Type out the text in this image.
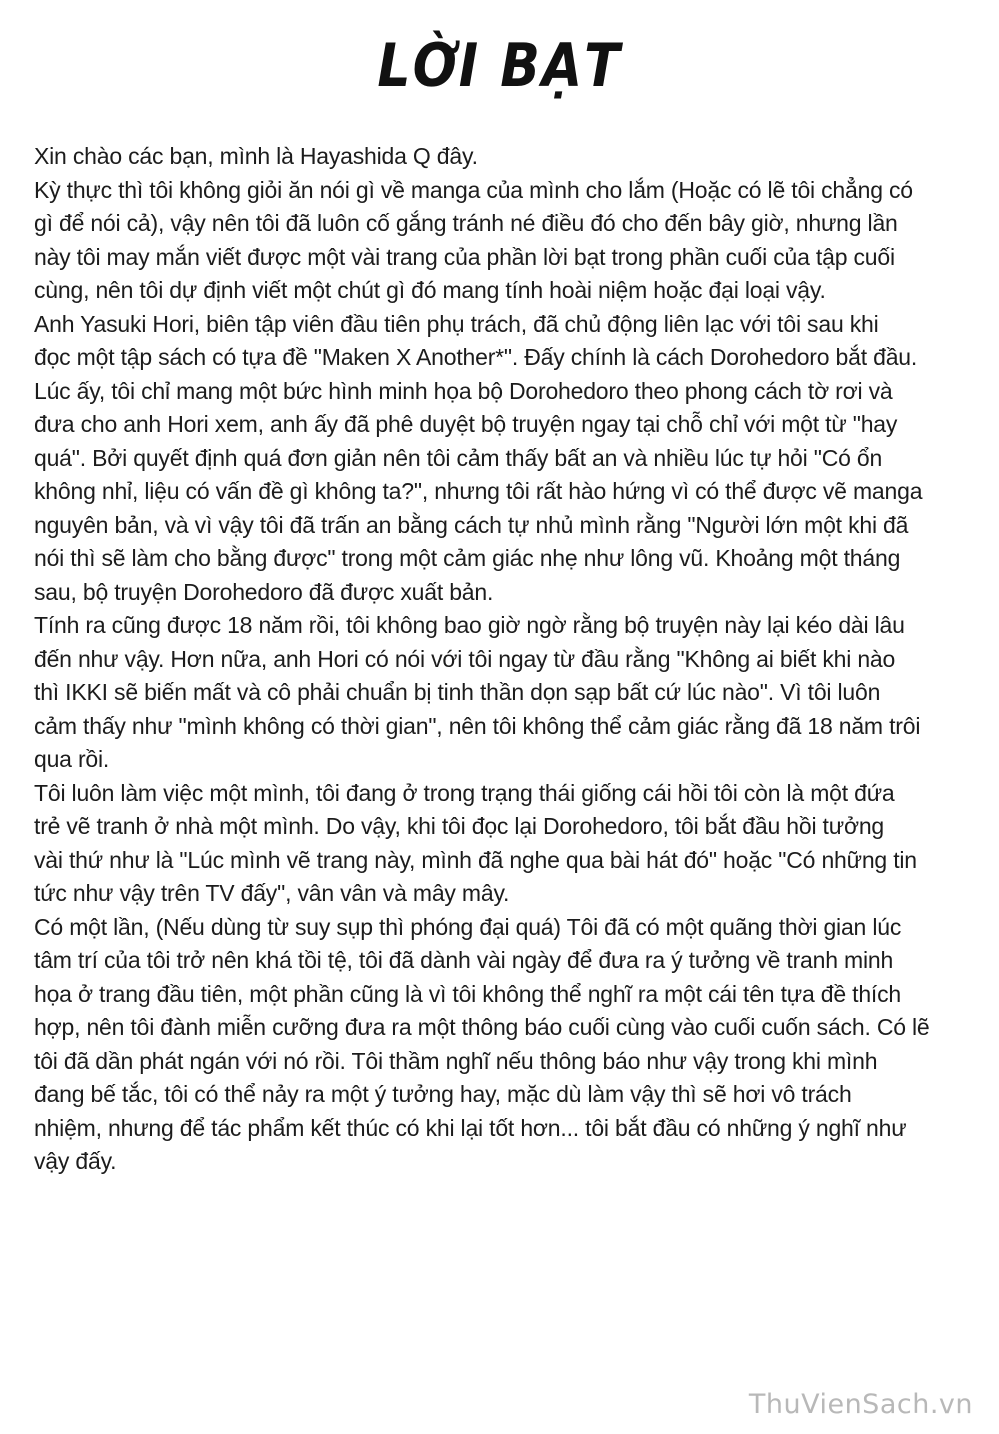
LỜI BẠT
Xin chào các bạn, mình là Hayashida Q đây.
Kỳ thực thì tôi không giỏi ăn nói gì về manga của mình cho lắm (Hoặc có lẽ tôi chẳng có
gì để nói cả), vậy nên tôi đã luôn cố gắng tránh né điều đó cho đến bây giờ, nhưng lần
này tôi may mắn viết được một vài trang của phần lời bạt trong phần cuối của tập cuối
cùng, nên tôi dự định viết một chút gì đó mang tính hoài niệm hoặc đại loại vậy.
Anh Yasuki Hori, biên tập viên đầu tiên phụ trách, đã chủ động liên lạc với tôi sau khi
đọc một tập sách có tựa đề "Maken X Another*". Đấy chính là cách Dorohedoro bắt đầu.
Lúc ấy, tôi chỉ mang một bức hình minh họa bộ Dorohedoro theo phong cách tờ rơi và
đưa cho anh Hori xem, anh ấy đã phê duyệt bộ truyện ngay tại chỗ chỉ với một từ "hay
quá". Bởi quyết định quá đơn giản nên tôi cảm thấy bất an và nhiều lúc tự hỏi "Có ổn
không nhỉ, liệu có vấn đề gì không ta?", nhưng tôi rất hào hứng vì có thể được vẽ manga
nguyên bản, và vì vậy tôi đã trấn an bằng cách tự nhủ mình rằng "Người lớn một khi đã
nói thì sẽ làm cho bằng được" trong một cảm giác nhẹ như lông vũ. Khoảng một tháng
sau, bộ truyện Dorohedoro đã được xuất bản.
Tính ra cũng được 18 năm rồi, tôi không bao giờ ngờ rằng bộ truyện này lại kéo dài lâu
đến như vậy. Hơn nữa, anh Hori có nói với tôi ngay từ đầu rằng "Không ai biết khi nào
thì IKKI sẽ biến mất và cô phải chuẩn bị tinh thần dọn sạp bất cứ lúc nào". Vì tôi luôn
cảm thấy như "mình không có thời gian", nên tôi không thể cảm giác rằng đã 18 năm trôi
qua rồi.
Tôi luôn làm việc một mình, tôi đang ở trong trạng thái giống cái hồi tôi còn là một đứa
trẻ vẽ tranh ở nhà một mình. Do vậy, khi tôi đọc lại Dorohedoro, tôi bắt đầu hồi tưởng
vài thứ như là "Lúc mình vẽ trang này, mình đã nghe qua bài hát đó" hoặc "Có những tin
tức như vậy trên TV đấy", vân vân và mây mây.
Có một lần, (Nếu dùng từ suy sụp thì phóng đại quá) Tôi đã có một quãng thời gian lúc
tâm trí của tôi trở nên khá tồi tệ, tôi đã dành vài ngày để đưa ra ý tưởng về tranh minh
họa ở trang đầu tiên, một phần cũng là vì tôi không thể nghĩ ra một cái tên tựa đề thích
hợp, nên tôi đành miễn cưỡng đưa ra một thông báo cuối cùng vào cuối cuốn sách. Có lẽ
tôi đã dần phát ngán với nó rồi. Tôi thầm nghĩ nếu thông báo như vậy trong khi mình
đang bế tắc, tôi có thể nảy ra một ý tưởng hay, mặc dù làm vậy thì sẽ hơi vô trách
nhiệm, nhưng để tác phẩm kết thúc có khi lại tốt hơn... tôi bắt đầu có những ý nghĩ như
vậy đấy.
ThuVienSach.vn
